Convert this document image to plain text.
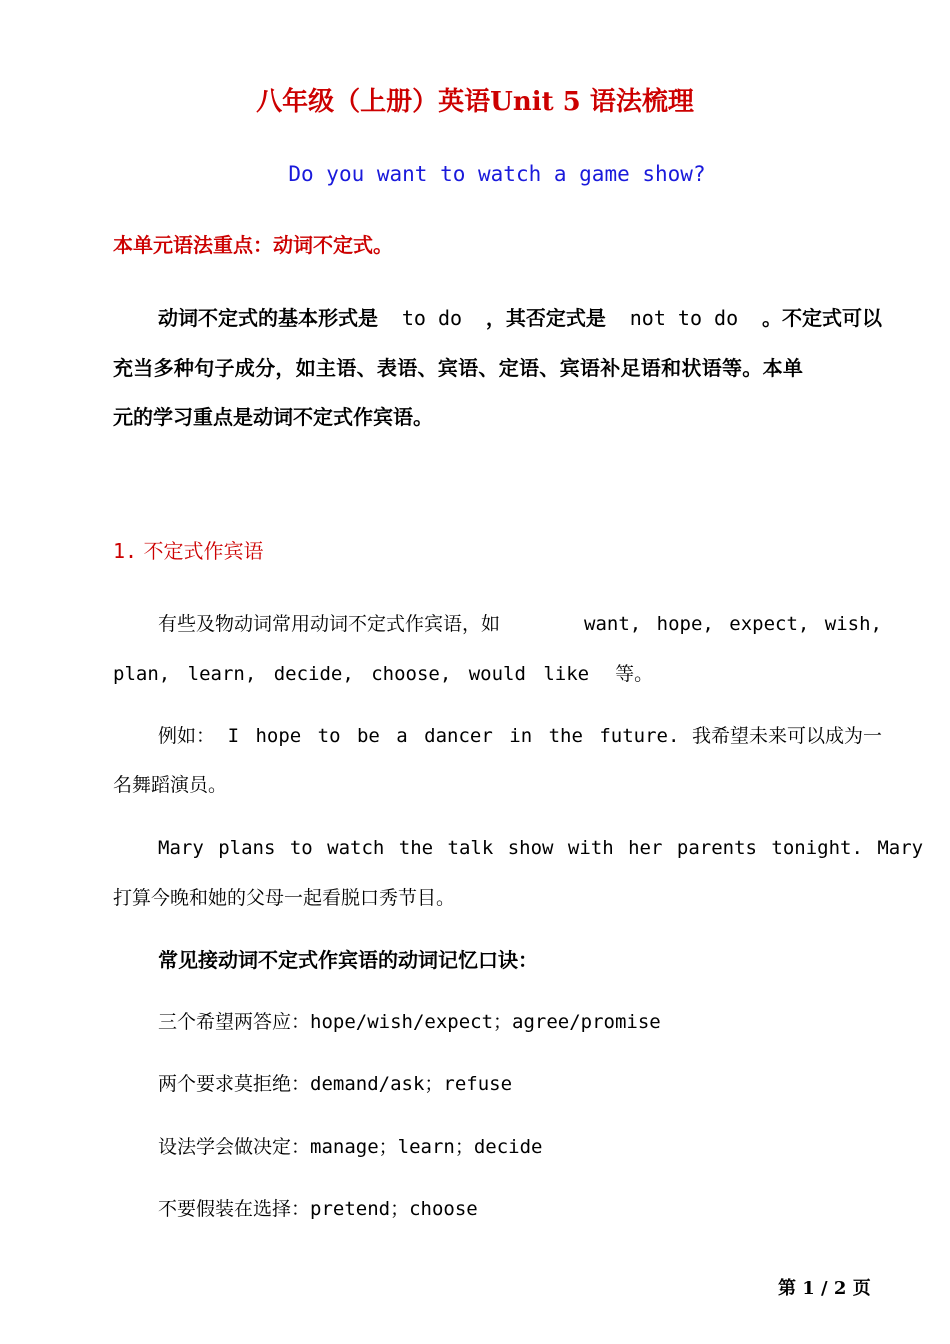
八年级（上册）英语Unit 5 语法梳理
Do you want to watch a game show?
本单元语法重点：动词不定式。
动词不定式的基本形式是 to do ，其否定式是 not to do 。不定式可以
充当多种句子成分，如主语、表语、宾语、定语、宾语补足语和状语等。本单
元的学习重点是动词不定式作宾语。
1. 不定式作宾语
有些及物动词常用动词不定式作宾语，如	want, hope, expect, wish,
plan, learn, decide, choose, would like 等。
例如： I hope to be a dancer in the future. 我希望未来可以成为一
名舞蹈演员。
Mary plans to watch the talk show with her parents tonight. Mary
打算今晚和她的父母一起看脱口秀节目。
常见接动词不定式作宾语的动词记忆口诀：
三个希望两答应：hope/wish/expect；agree/promise
两个要求莫拒绝：demand/ask；refuse
设法学会做决定：manage；learn；decide
不要假装在选择：pretend；choose
第 1 / 2 页
